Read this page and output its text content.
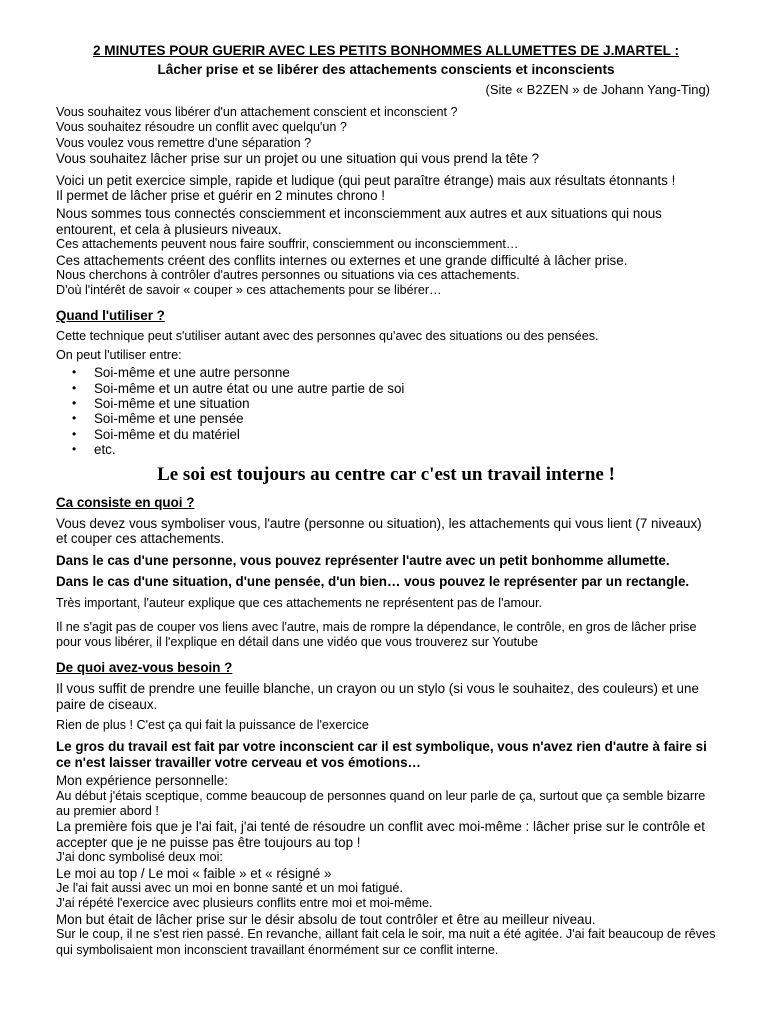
2 MINUTES POUR GUERIR AVEC LES PETITS BONHOMMES ALLUMETTES DE J.MARTEL :
Lâcher prise et se libérer des attachements conscients et inconscients
(Site « B2ZEN » de Johann Yang-Ting)

Vous souhaitez vous libérer d'un attachement conscient et inconscient ?

Vous souhaitez résoudre un conflit avec quelqu'un ?

Vous voulez vous remettre d'une séparation ?

Vous souhaitez lâcher prise sur un projet ou une situation qui vous prend la tête ?

Voici un petit exercice simple, rapide et ludique (qui peut paraître étrange) mais aux résultats étonnants !

Il permet de lâcher prise et guérir en 2 minutes chrono !

Nous sommes tous connectés consciemment et inconsciemment aux autres et aux situations qui nous entourent, et cela à plusieurs niveaux.

Ces attachements peuvent nous faire souffrir, consciemment ou inconsciemment…

Ces attachements créent des conflits internes ou externes et une grande difficulté à lâcher prise.

Nous cherchons à contrôler d'autres personnes ou situations via ces attachements.

D'où l'intérêt de savoir « couper » ces attachements pour se libérer…

Quand l'utiliser ?

Cette technique peut s'utiliser autant avec des personnes qu'avec des situations ou des pensées.

On peut l'utiliser entre:

• Soi-même et une autre personne
• Soi-même et un autre état ou une autre partie de soi
• Soi-même et une situation
• Soi-même et une pensée
• Soi-même et du matériel
• etc.

Le soi est toujours au centre car c'est un travail interne !

Ca consiste en quoi ?

Vous devez vous symboliser vous, l'autre (personne ou situation), les attachements qui vous lient (7 niveaux) et couper ces attachements.

Dans le cas d'une personne, vous pouvez représenter l'autre avec un petit bonhomme allumette.

Dans le cas d'une situation, d'une pensée, d'un bien… vous pouvez le représenter par un rectangle.

Très important, l'auteur explique que ces attachements ne représentent pas de l'amour.

Il ne s'agit pas de couper vos liens avec l'autre, mais de rompre la dépendance, le contrôle, en gros de lâcher prise pour vous libérer, il l'explique en détail dans une vidéo que vous trouverez sur Youtube

De quoi avez-vous besoin ?

Il vous suffit de prendre une feuille blanche, un crayon ou un stylo (si vous le souhaitez, des couleurs) et une paire de ciseaux.

Rien de plus ! C'est ça qui fait la puissance de l'exercice

Le gros du travail est fait par votre inconscient car il est symbolique, vous n'avez rien d'autre à faire si ce n'est laisser travailler votre cerveau et vos émotions…

Mon expérience personnelle:

Au début j'étais sceptique, comme beaucoup de personnes quand on leur parle de ça, surtout que ça semble bizarre au premier abord !

La première fois que je l'ai fait, j'ai tenté de résoudre un conflit avec moi-même : lâcher prise sur le contrôle et accepter que je ne puisse pas être toujours au top !

J'ai donc symbolisé deux moi:

Le moi au top / Le moi « faible » et « résigné »

Je l'ai fait aussi avec un moi en bonne santé et un moi fatigué.

J'ai répété l'exercice avec plusieurs conflits entre moi et moi-même.

Mon but était de lâcher prise sur le désir absolu de tout contrôler et être au meilleur niveau.

Sur le coup, il ne s'est rien passé. En revanche, aillant fait cela le soir, ma nuit a été agitée. J'ai fait beaucoup de rêves qui symbolisaient mon inconscient travaillant énormément sur ce conflit interne.
